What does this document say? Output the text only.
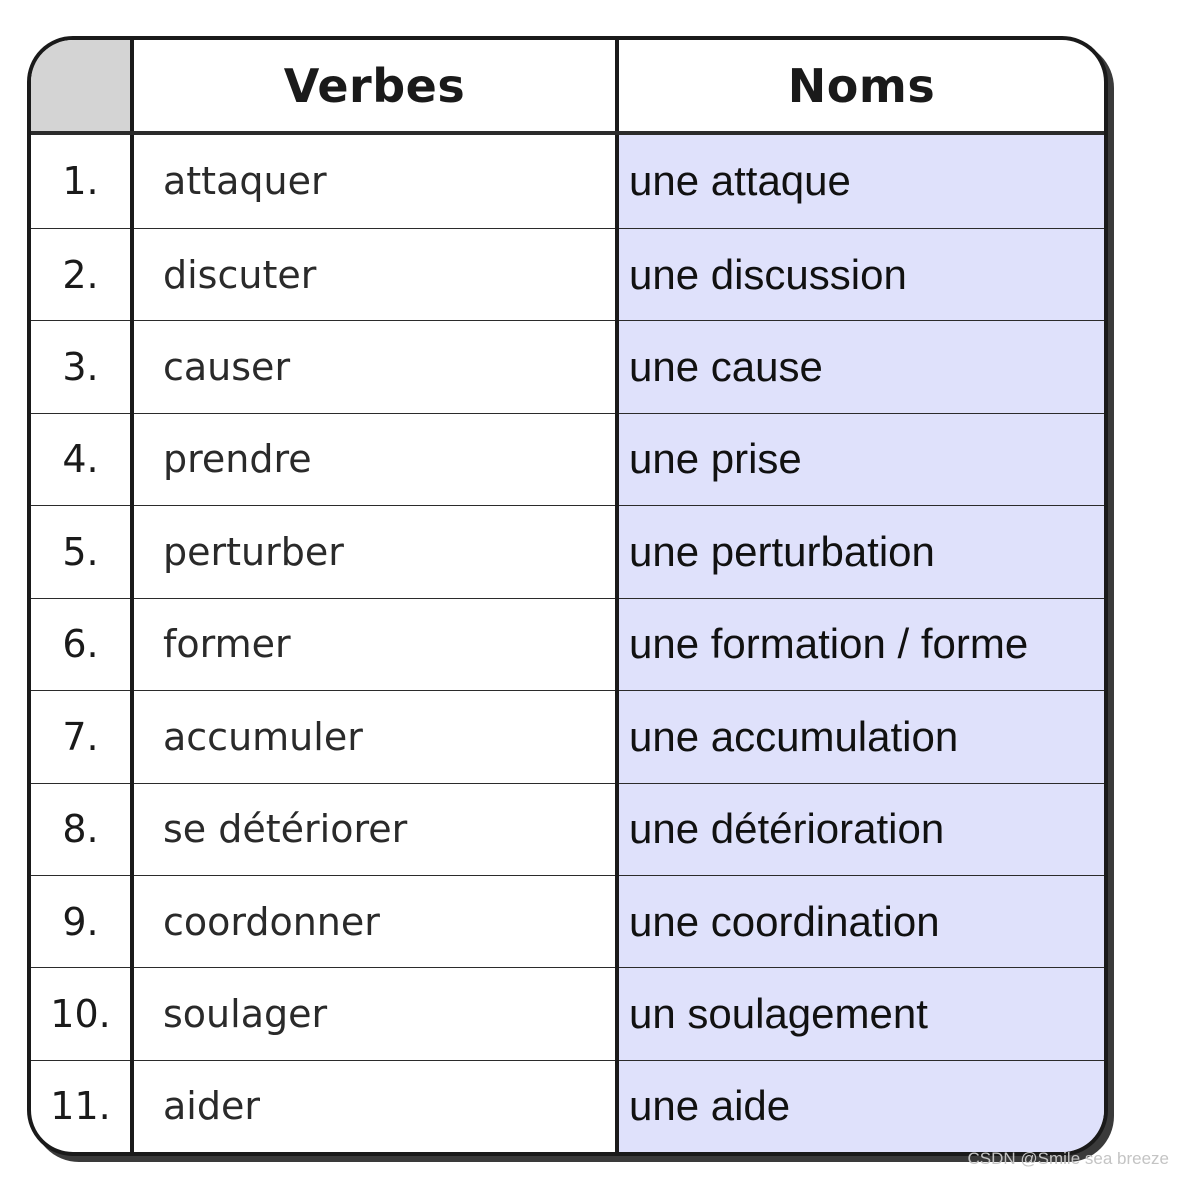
	Verbes	Noms
1.	attaquer	une attaque
2.	discuter	une discussion
3.	causer	une cause
4.	prendre	une prise
5.	perturber	une perturbation
6.	former	une formation / forme
7.	accumuler	une accumulation
8.	se détériorer	une détérioration
9.	coordonner	une coordination
10.	soulager	un soulagement
11.	aider	une aide
CSDN @Smile sea breeze
